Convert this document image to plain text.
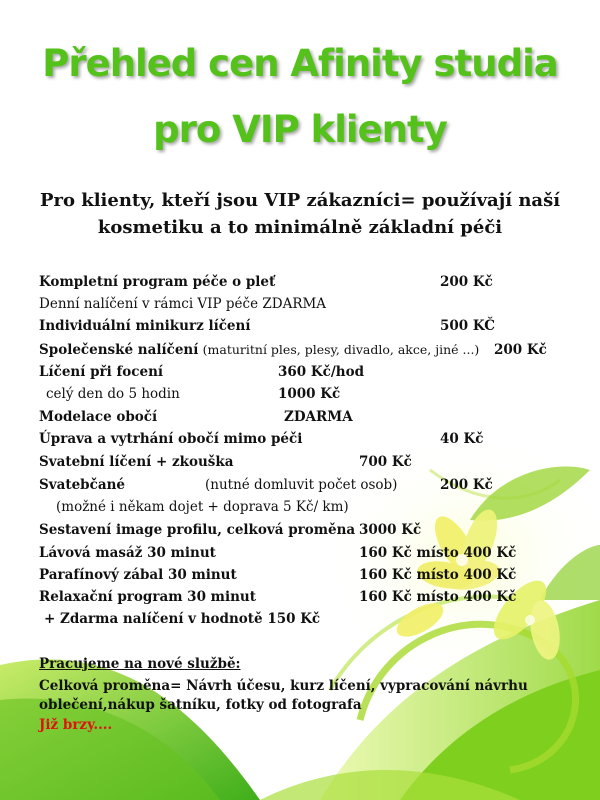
Přehled cen Afinity studia
pro VIP klienty
Pro klienty, kteří jsou VIP zákazníci= používají naší
kosmetiku a to minimálně základní péči
Kompletní program péče o pleť	200 Kč
Denní nalíčení v rámci VIP péče ZDARMA
Individuální minikurz líčení	500 KČ
Společenské nalíčení (maturitní ples, plesy, divadlo, akce, jiné ...) 200 Kč
Líčení při focení	360 Kč/hod
celý den do 5 hodin	1000 Kč
Modelace obočí	ZDARMA
Úprava a vytrhání obočí mimo péči	40 Kč
Svatební líčení + zkouška	700 Kč
Svatebčané	(nutné domluvit počet osob)	200 Kč
(možné i někam dojet + doprava 5 Kč/ km)
Sestavení image profilu, celková proměna 3000 Kč
Lávová masáž 30 minut	160 Kč místo 400 Kč
Parafínový zábal 30 minut	160 Kč místo 400 Kč
Relaxační program 30 minut	160 Kč místo 400 Kč
+ Zdarma nalíčení v hodnotě 150 Kč
Pracujeme na nové službě:
Celková proměna= Návrh účesu, kurz líčení, vypracování návrhu
oblečení,nákup šatníku, fotky od fotografa
Již brzy....
